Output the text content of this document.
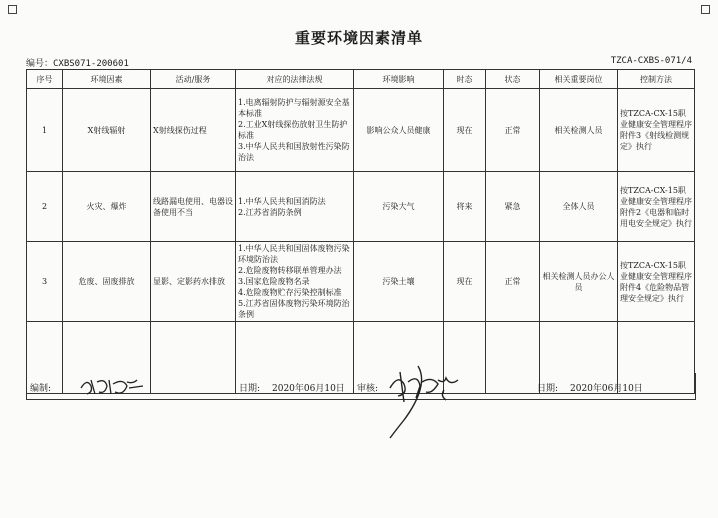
重要环境因素清单
编号：CXBS071-200601	TZCA-CXBS-071/4
序号	环境因素	活动/服务	对应的法律法规	环境影响	时态	状态	相关重要岗位	控制方法
1	X射线辐射	X射线探伤过程	1.电离辐射防护与辐射源安全基本标准
2.工业X射线探伤放射卫生防护标准
3.中华人民共和国放射性污染防治法	影响公众人员健康	现在	正常	相关检测人员	按TZCA-CX-15职业健康安全管理程序附件3《射线检测规定》执行
2	火灾、爆炸	线路漏电使用、电器设备使用不当	1.中华人民共和国消防法
2.江苏省消防条例	污染大气	将来	紧急	全体人员	按TZCA-CX-15职业健康安全管理程序附件2《电器和临时用电安全规定》执行
3	危废、固废排放	显影、定影药水排放	1.中华人民共和国固体废物污染环境防治法
2.危险废物转移联单管理办法
3.国家危险废物名录
4.危险废物贮存污染控制标准
5.江苏省固体废物污染环境防治条例	污染土壤	现在	正常	相关检测人员办公人员	按TZCA-CX-15职业健康安全管理程序附件4《危险物品管理安全规定》执行

编制:	日期: 2020年06月10日 审核:	日期: 2020年06月10日
